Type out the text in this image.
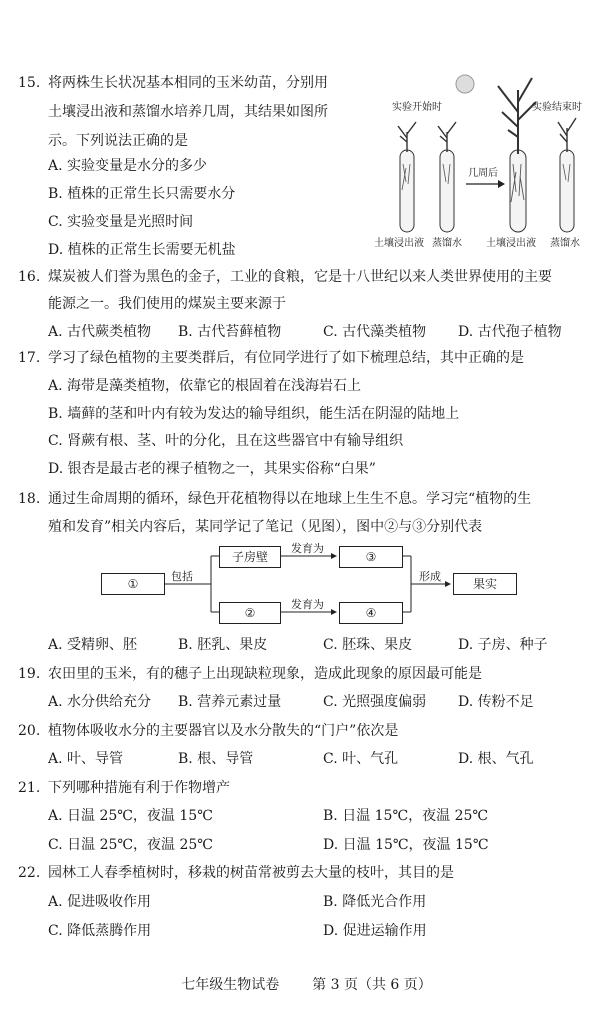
15. 将两株生长状况基本相同的玉米幼苗，分别用
土壤浸出液和蒸馏水培养几周，其结果如图所
示。下列说法正确的是
A. 实验变量是水分的多少
B. 植株的正常生长只需要水分
C. 实验变量是光照时间
D. 植株的正常生长需要无机盐
实验开始时	实验结束时
几周后
土壤浸出液 蒸馏水 土壤浸出液 蒸馏水
16. 煤炭被人们誉为黑色的金子，工业的食粮，它是十八世纪以来人类世界使用的主要
能源之一。我们使用的煤炭主要来源于
A. 古代蕨类植物 B. 古代苔藓植物	C. 古代藻类植物 D. 古代孢子植物
17. 学习了绿色植物的主要类群后，有位同学进行了如下梳理总结，其中正确的是
A. 海带是藻类植物，依靠它的根固着在浅海岩石上
B. 墙藓的茎和叶内有较为发达的输导组织，能生活在阴湿的陆地上
C. 肾蕨有根、茎、叶的分化，且在这些器官中有输导组织
D. 银杏是最古老的裸子植物之一，其果实俗称“白果”
18. 通过生命周期的循环，绿色开花植物得以在地球上生生不息。学习完“植物的生
殖和发育”相关内容后，某同学记了笔记（见图），图中②与③分别代表
①
包括
子房壁
发育为
③
②
发育为
④
形成
果实
A. 受精卵、胚	B. 胚乳、果皮	C. 胚珠、果皮	D. 子房、种子
19. 农田里的玉米，有的穗子上出现缺粒现象，造成此现象的原因最可能是
A. 水分供给充分 B. 营养元素过量	C. 光照强度偏弱 D. 传粉不足
20. 植物体吸收水分的主要器官以及水分散失的“门户”依次是
A. 叶、导管	B. 根、导管	C. 叶、气孔	D. 根、气孔
21. 下列哪种措施有利于作物增产
A. 日温 25℃，夜温 15℃	B. 日温 15℃，夜温 25℃
C. 日温 25℃，夜温 25℃	D. 日温 15℃，夜温 15℃
22. 园林工人春季植树时，移栽的树苗常被剪去大量的枝叶，其目的是
A. 促进吸收作用	B. 降低光合作用
C. 降低蒸腾作用	D. 促进运输作用
七年级生物试卷 第 3 页（共 6 页）
